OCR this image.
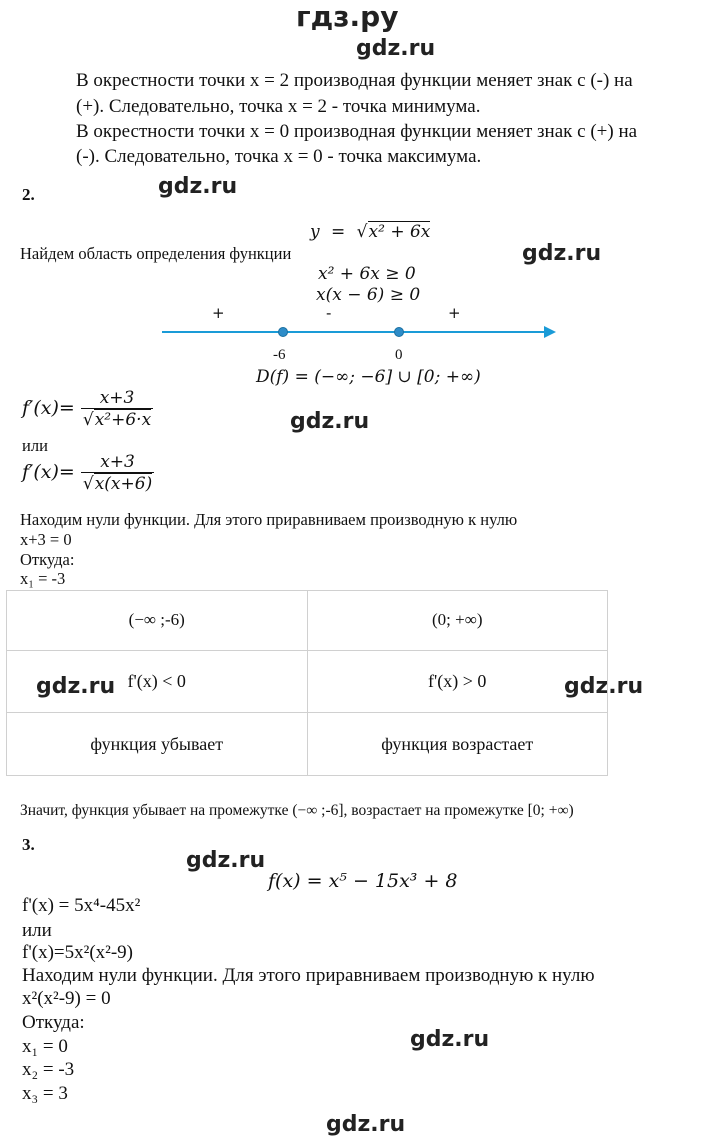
гдз.ру
gdz.ru
gdz.ru
gdz.ru
gdz.ru
gdz.ru	gdz.ru
gdz.ru
gdz.ru
gdz.ru
В окрестности точки x = 2 производная функции меняет знак с (-) на
(+). Следовательно, точка x = 2 - точка минимума.
В окрестности точки x = 0 производная функции меняет знак с (+) на
(-). Следовательно, точка x = 0 - точка максимума.
2.
y = √x² + 6x
Найдем область определения функции
x² + 6x ≥ 0
x(x − 6) ≥ 0
+	-	+
-6	0
D(f) = (−∞; −6] ∪ [0; +∞)
$f'(x)= \frac{x+3}{\text{√x²+6·x}}$
или
$f'(x)= \frac{x+3}{√x(x+6)}$
Находим нули функции. Для этого приравниваем производную к нулю
x+3 = 0
Откуда:
x₁ = -3
(−∞ ;-6)	(0; +∞)
f'(x) < 0	f'(x) > 0
функция убывает	функция возрастает
Значит, функция убывает на промежутке (−∞ ;-6], возрастает на промежутке [0; +∞)
3.
f(x) = x⁵ − 15x³ + 8
f'(x) = 5x⁴-45x²
или
f'(x)=5x²(x²-9)
Находим нули функции. Для этого приравниваем производную к нулю
x²(x²-9) = 0
Откуда:
x₁ = 0
x₂ = -3
x₃ = 3
